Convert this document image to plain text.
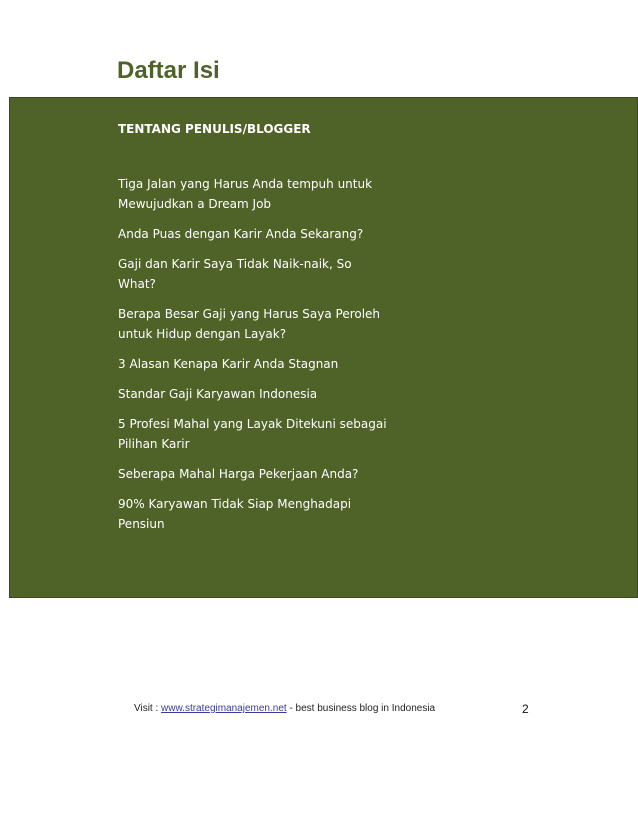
Daftar Isi
TENTANG PENULIS/BLOGGER
Tiga Jalan yang Harus Anda tempuh untuk Mewujudkan a Dream Job
Anda Puas dengan Karir Anda Sekarang?
Gaji dan Karir Saya Tidak Naik-naik, So What?
Berapa Besar Gaji yang Harus Saya Peroleh untuk Hidup dengan Layak?
3 Alasan Kenapa Karir Anda Stagnan
Standar Gaji Karyawan Indonesia
5 Profesi Mahal yang Layak Ditekuni sebagai Pilihan Karir
Seberapa Mahal Harga Pekerjaan Anda?
90% Karyawan Tidak Siap Menghadapi Pensiun
Visit : www.strategimanajemen.net - best business blog in Indonesia	2
